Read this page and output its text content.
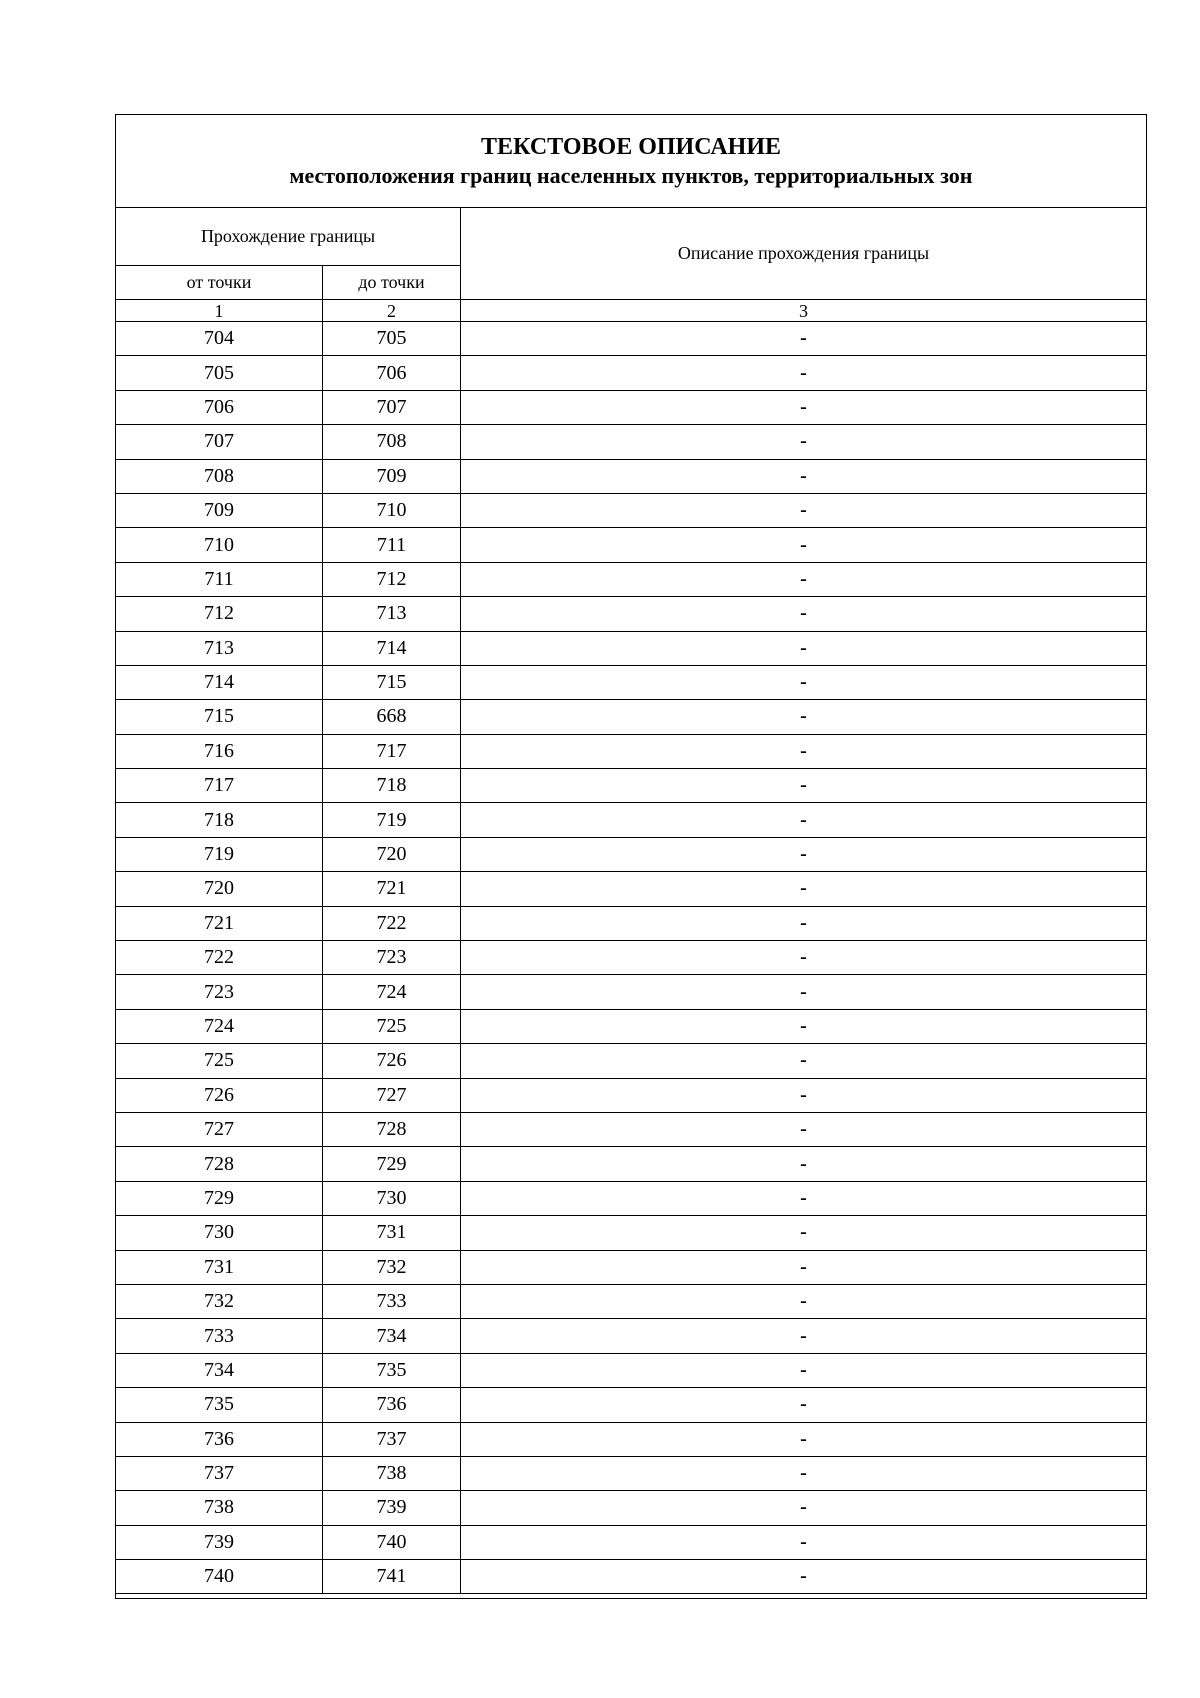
ТЕКСТОВОЕ ОПИСАНИЕ
местоположения границ населенных пунктов, территориальных зон		

Прохождение границы		Описание прохождения границы
от точки	до точки	
1	2	3
704	705	-
705	706	-
706	707	-
707	708	-
708	709	-
709	710	-
710	711	-
711	712	-
712	713	-
713	714	-
714	715	-
715	668	-
716	717	-
717	718	-
718	719	-
719	720	-
720	721	-
721	722	-
722	723	-
723	724	-
724	725	-
725	726	-
726	727	-
727	728	-
728	729	-
729	730	-
730	731	-
731	732	-
732	733	-
733	734	-
734	735	-
735	736	-
736	737	-
737	738	-
738	739	-
739	740	-
740	741	-
